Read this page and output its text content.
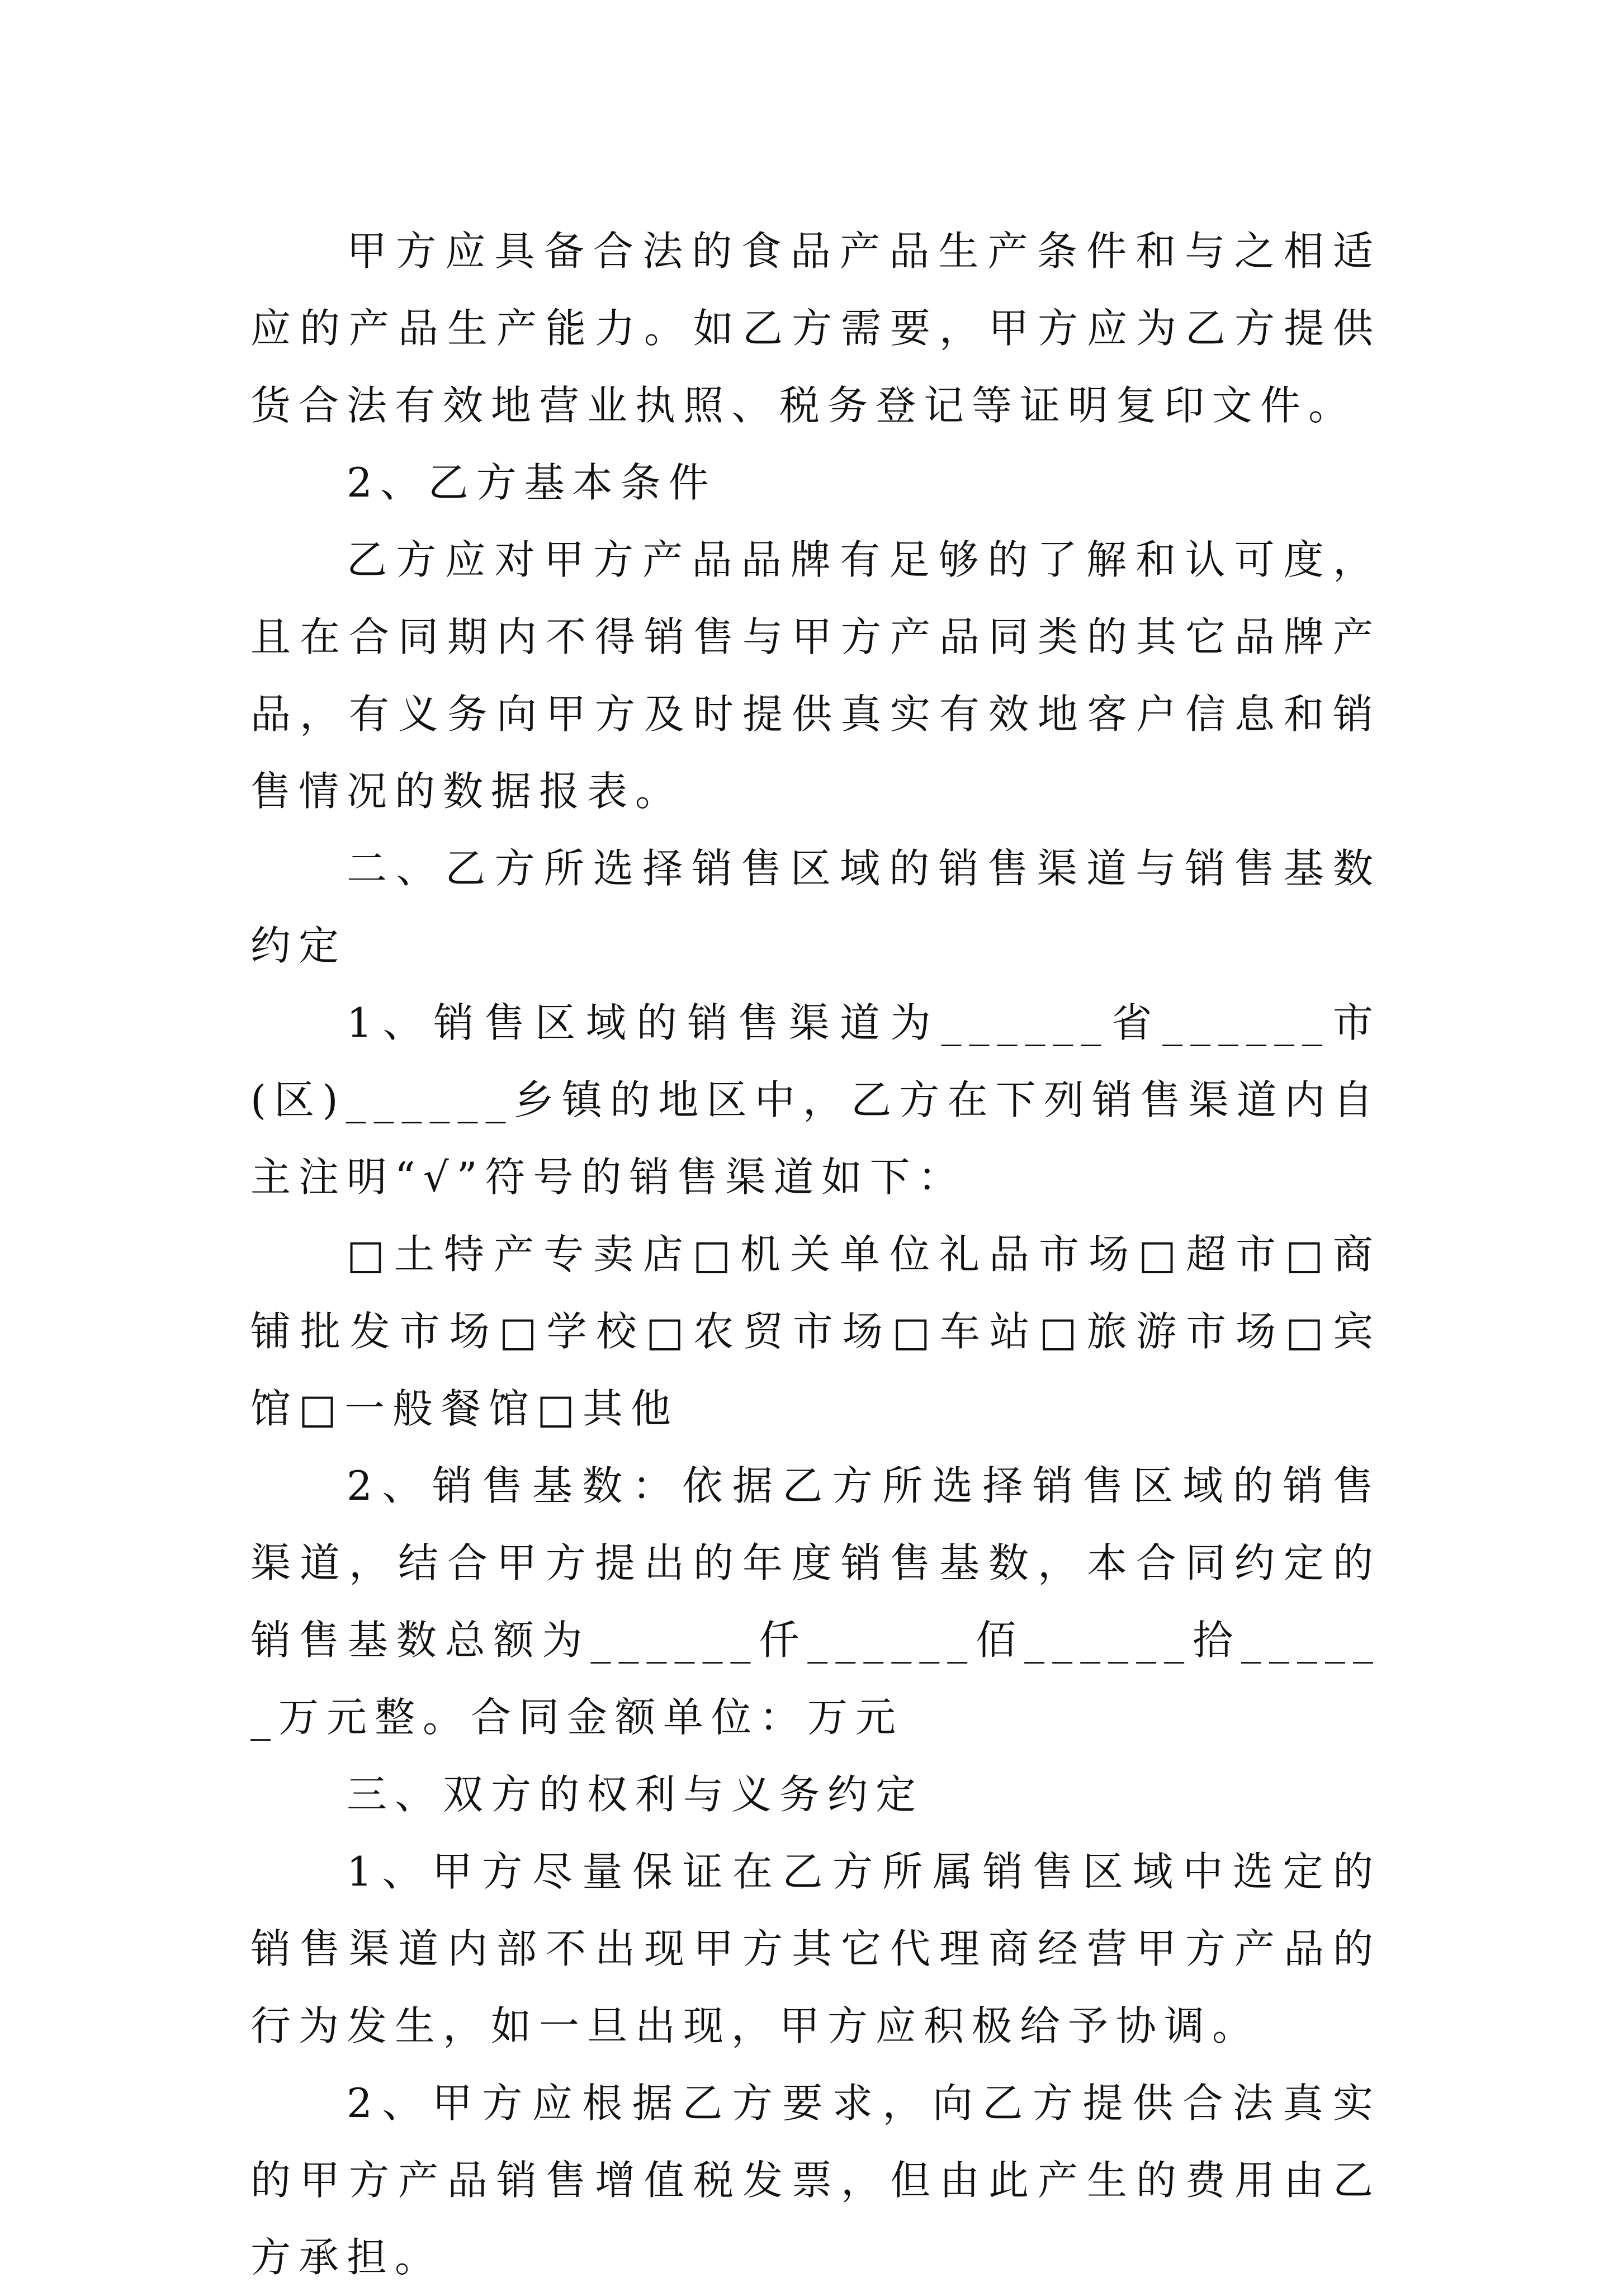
甲方应具备合法的食品产品生产条件和与之相适应的产品生产能力。如乙方需要，甲方应为乙方提供货合法有效地营业执照、税务登记等证明复印文件。

2、乙方基本条件

乙方应对甲方产品品牌有足够的了解和认可度，且在合同期内不得销售与甲方产品同类的其它品牌产品，有义务向甲方及时提供真实有效地客户信息和销售情况的数据报表。

二、乙方所选择销售区域的销售渠道与销售基数约定

1、销售区域的销售渠道为______省______市(区)______乡镇的地区中，乙方在下列销售渠道内自主注明“√”符号的销售渠道如下：

□土特产专卖店□机关单位礼品市场□超市□商铺批发市场□学校□农贸市场□车站□旅游市场□宾馆□一般餐馆□其他

2、销售基数：依据乙方所选择销售区域的销售渠道，结合甲方提出的年度销售基数，本合同约定的销售基数总额为______仟______佰______拾______万元整。合同金额单位：万元

三、双方的权利与义务约定

1、甲方尽量保证在乙方所属销售区域中选定的销售渠道内部不出现甲方其它代理商经营甲方产品的行为发生，如一旦出现，甲方应积极给予协调。

2、甲方应根据乙方要求，向乙方提供合法真实的甲方产品销售增值税发票，但由此产生的费用由乙方承担。
